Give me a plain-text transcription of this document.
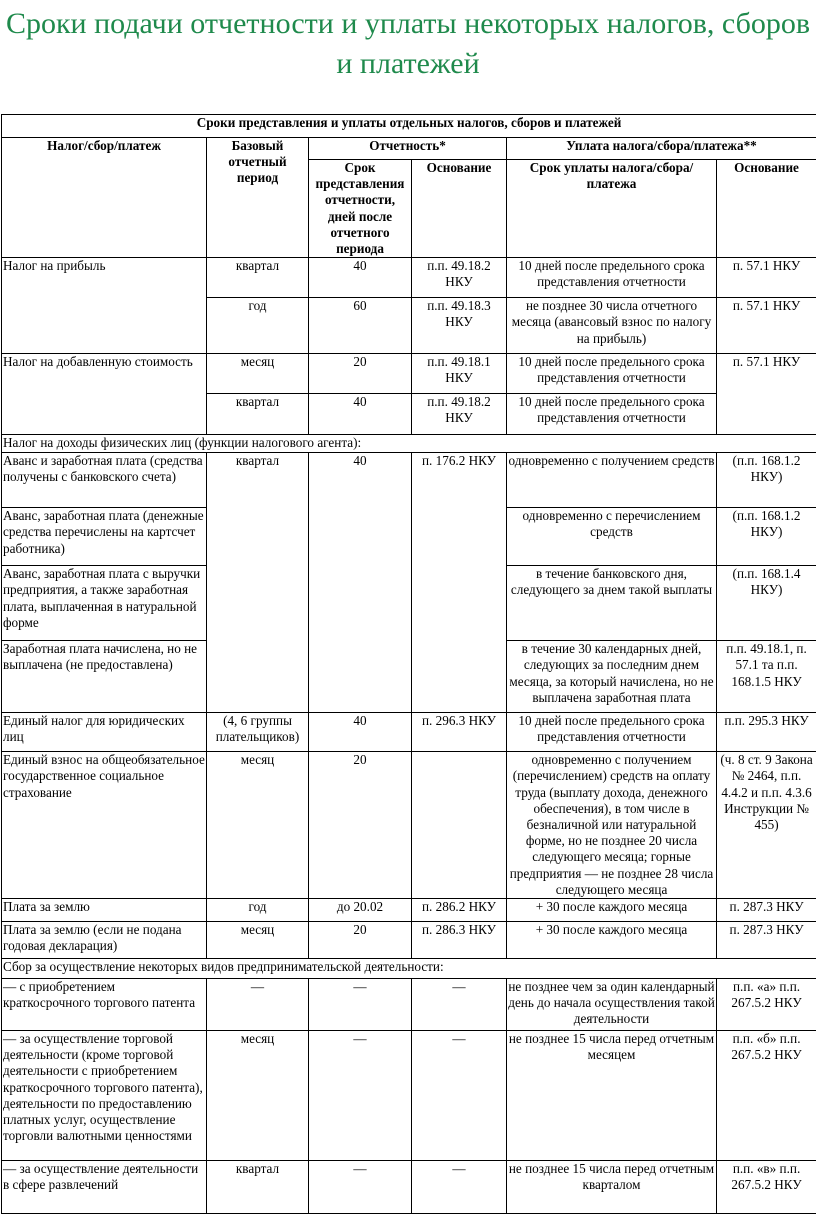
Сроки подачи отчетности и уплаты некоторых налогов, сборов и платежей
Сроки представления и уплаты отдельных налогов, сборов и платежей					
Налог/сбор/платеж	Базовый отчетный период	Отчетность*		Уплата налога/сбора/платежа**	
		Срок представления отчетности, дней после отчетного периода	Основание	Срок уплаты налога/сбора/платежа	Основание
Налог на прибыль	квартал	40	п.п. 49.18.2 НКУ	10 дней после предельного срока представления отчетности	п. 57.1 НКУ
	год	60	п.п. 49.18.3 НКУ	не позднее 30 числа отчетного месяца (авансовый взнос по налогу на прибыль)	п. 57.1 НКУ
Налог на добавленную стоимость	месяц	20	п.п. 49.18.1 НКУ	10 дней после предельного срока представления отчетности	п. 57.1 НКУ
	квартал	40	п.п. 49.18.2 НКУ	10 дней после предельного срока представления отчетности	
Налог на доходы физических лиц (функции налогового агента):					
Аванс и заработная плата (средства получены с банковского счета)	квартал	40	п. 176.2 НКУ	одновременно с получением средств	(п.п. 168.1.2 НКУ)
Аванс, заработная плата (денежные средства перечислены на картсчет работника)				одновременно с перечислением средств	(п.п. 168.1.2 НКУ)
Аванс, заработная плата с выручки предприятия, а также заработная плата, выплаченная в натуральной форме				в течение банковского дня, следующего за днем такой выплаты	(п.п. 168.1.4 НКУ)
Заработная плата начислена, но не выплачена (не предоставлена)				в течение 30 календарных дней, следующих за последним днем месяца, за который начислена, но не выплачена заработная плата	п.п. 49.18.1, п. 57.1 та п.п. 168.1.5 НКУ
Единый налог для юридических лиц	(4, 6 группы плательщиков)	40	п. 296.3 НКУ	10 дней после предельного срока представления отчетности	п.п. 295.3 НКУ
Единый взнос на общеобязательное государственное социальное страхование	месяц	20		одновременно с получением (перечислением) средств на оплату труда (выплату дохода, денежного обеспечения), в том числе в безналичной или натуральной форме, но не позднее 20 числа следующего месяца; горные предприятия — не позднее 28 числа следующего месяца	(ч. 8 ст. 9 Закона № 2464, п.п. 4.4.2 и п.п. 4.3.6 Инструкции № 455)
Плата за землю	год	до 20.02	п. 286.2 НКУ	+ 30 после каждого месяца	п. 287.3 НКУ
Плата за землю (если не подана годовая декларация)	месяц	20	п. 286.3 НКУ	+ 30 после каждого месяца	п. 287.3 НКУ
Сбор за осуществление некоторых видов предпринимательской деятельности:					
— с приобретением краткосрочного торгового патента	—	—	—	не позднее чем за один календарный день до начала осуществления такой деятельности	п.п. «а» п.п. 267.5.2 НКУ
— за осуществление торговой деятельности (кроме торговой деятельности с приобретением краткосрочного торгового патента), деятельности по предоставлению платных услуг, осуществление торговли валютными ценностями	месяц	—	—	не позднее 15 числа перед отчетным месяцем	п.п. «б» п.п. 267.5.2 НКУ
— за осуществление деятельности в сфере развлечений	квартал	—	—	не позднее 15 числа перед отчетным кварталом	п.п. «в» п.п. 267.5.2 НКУ
